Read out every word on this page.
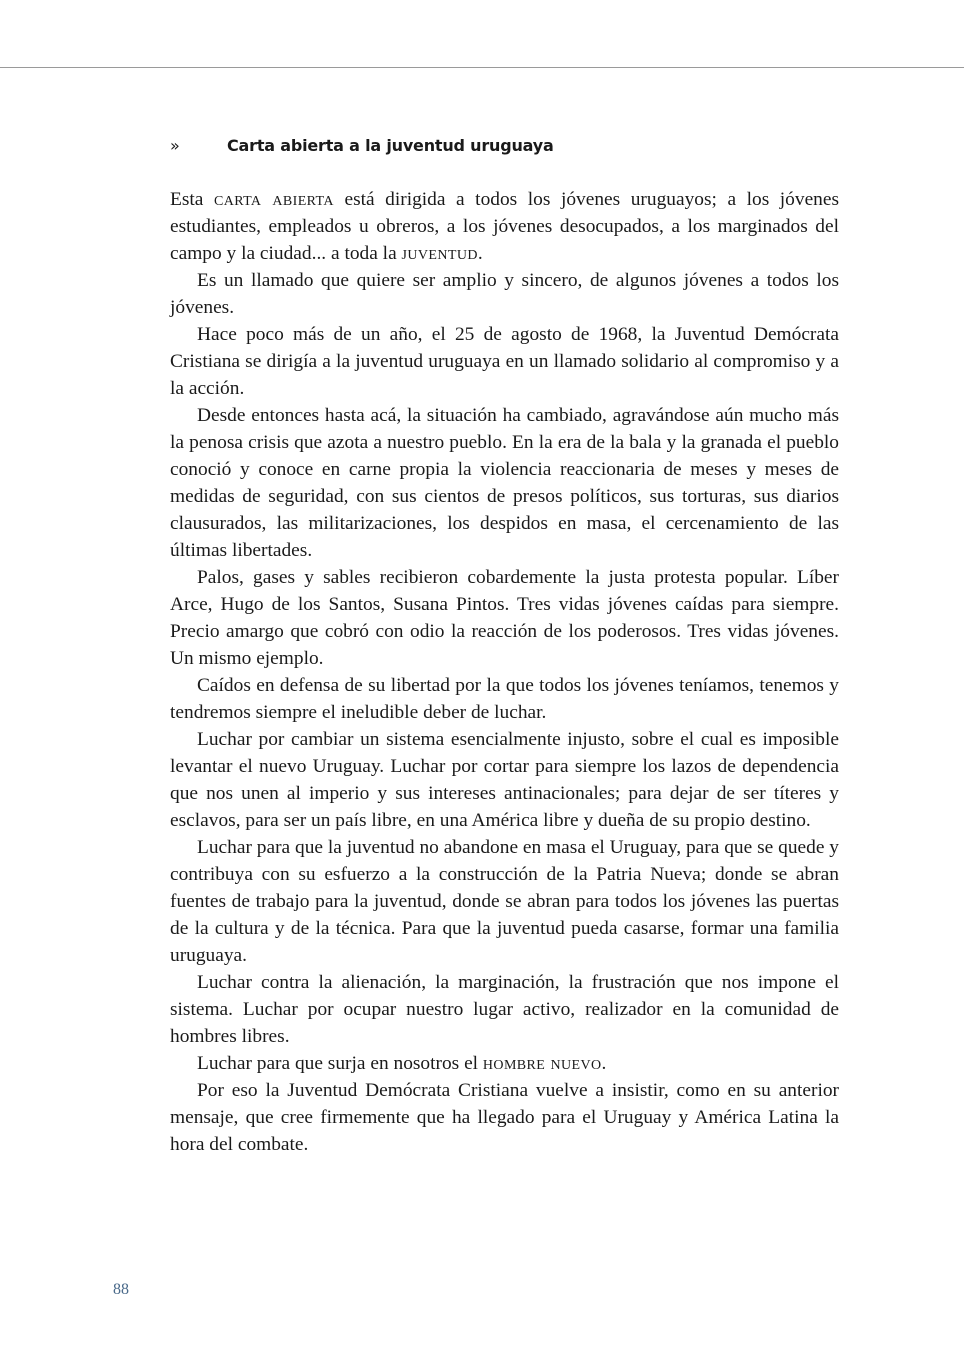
»	Carta abierta a la juventud uruguaya

Esta carta abierta está dirigida a todos los jóvenes uruguayos; a los jóvenes estudiantes, empleados u obreros, a los jóvenes desocupados, a los marginados del campo y la ciudad... a toda la juventud.

Es un llamado que quiere ser amplio y sincero, de algunos jóvenes a todos los jóvenes.

Hace poco más de un año, el 25 de agosto de 1968, la Juventud Demócrata Cristiana se dirigía a la juventud uruguaya en un llamado solidario al compromiso y a la acción.

Desde entonces hasta acá, la situación ha cambiado, agravándose aún mucho más la penosa crisis que azota a nuestro pueblo. En la era de la bala y la granada el pueblo conoció y conoce en carne propia la violencia reaccionaria de meses y meses de medidas de seguridad, con sus cientos de presos políticos, sus torturas, sus diarios clausurados, las militarizaciones, los despidos en masa, el cercenamiento de las últimas libertades.

Palos, gases y sables recibieron cobardemente la justa protesta popular. Líber Arce, Hugo de los Santos, Susana Pintos. Tres vidas jóvenes caídas para siempre. Precio amargo que cobró con odio la reacción de los poderosos. Tres vidas jóvenes. Un mismo ejemplo.

Caídos en defensa de su libertad por la que todos los jóvenes teníamos, tenemos y tendremos siempre el ineludible deber de luchar.

Luchar por cambiar un sistema esencialmente injusto, sobre el cual es imposible levantar el nuevo Uruguay. Luchar por cortar para siempre los lazos de dependencia que nos unen al imperio y sus intereses antinacionales; para dejar de ser títeres y esclavos, para ser un país libre, en una América libre y dueña de su propio destino.

Luchar para que la juventud no abandone en masa el Uruguay, para que se quede y contribuya con su esfuerzo a la construcción de la Patria Nueva; donde se abran fuentes de trabajo para la juventud, donde se abran para todos los jóvenes las puertas de la cultura y de la técnica. Para que la juventud pueda casarse, formar una familia uruguaya.

Luchar contra la alienación, la marginación, la frustración que nos impone el sistema. Luchar por ocupar nuestro lugar activo, realizador en la comunidad de hombres libres.

Luchar para que surja en nosotros el hombre nuevo.

Por eso la Juventud Demócrata Cristiana vuelve a insistir, como en su anterior mensaje, que cree firmemente que ha llegado para el Uruguay y América Latina la hora del combate.

88
